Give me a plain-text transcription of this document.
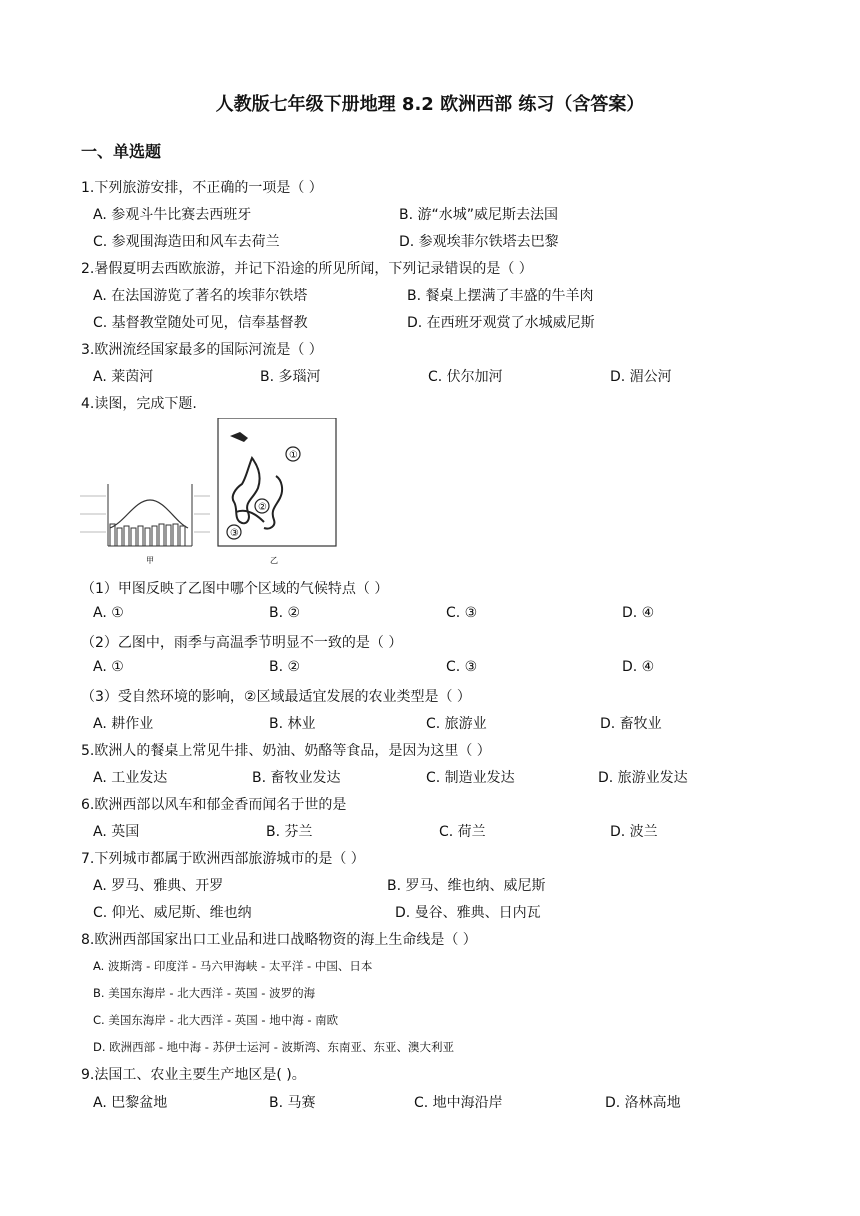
人教版七年级下册地理 8.2 欧洲西部 练习（含答案）
一、单选题
1.下列旅游安排，不正确的一项是（ ）
A. 参观斗牛比赛去西班牙	B. 游“水城”威尼斯去法国
C. 参观围海造田和风车去荷兰	D. 参观埃菲尔铁塔去巴黎
2.暑假夏明去西欧旅游，并记下沿途的所见所闻，下列记录错误的是（ ）
A. 在法国游览了著名的埃菲尔铁塔	B. 餐桌上摆满了丰盛的牛羊肉
C. 基督教堂随处可见，信奉基督教	D. 在西班牙观赏了水城威尼斯
3.欧洲流经国家最多的国际河流是（ ）
A. 莱茵河	B. 多瑙河	C. 伏尔加河	D. 湄公河
4.读图，完成下题.
甲
①
②
③
乙
（1）甲图反映了乙图中哪个区域的气候特点（ ）
A. ①	B. ②	C. ③	D. ④
（2）乙图中，雨季与高温季节明显不一致的是（ ）
A. ①	B. ②	C. ③	D. ④
（3）受自然环境的影响，②区域最适宜发展的农业类型是（ ）
A. 耕作业	B. 林业	C. 旅游业	D. 畜牧业
5.欧洲人的餐桌上常见牛排、奶油、奶酪等食品，是因为这里（ ）
A. 工业发达	B. 畜牧业发达	C. 制造业发达	D. 旅游业发达
6.欧洲西部以风车和郁金香而闻名于世的是
A. 英国	B. 芬兰	C. 荷兰	D. 波兰
7.下列城市都属于欧洲西部旅游城市的是（ ）
A. 罗马、雅典、开罗	B. 罗马、维也纳、威尼斯
C. 仰光、威尼斯、维也纳	D. 曼谷、雅典、日内瓦
8.欧洲西部国家出口工业品和进口战略物资的海上生命线是（ ）
A. 波斯湾 - 印度洋 - 马六甲海峡 - 太平洋 - 中国、日本
B. 美国东海岸 - 北大西洋 - 英国 - 波罗的海
C. 美国东海岸 - 北大西洋 - 英国 - 地中海 - 南欧
D. 欧洲西部 - 地中海 - 苏伊士运河 - 波斯湾、东南亚、东亚、澳大利亚
9.法国工、农业主要生产地区是( )。
A. 巴黎盆地	B. 马赛	C. 地中海沿岸	D. 洛林高地
